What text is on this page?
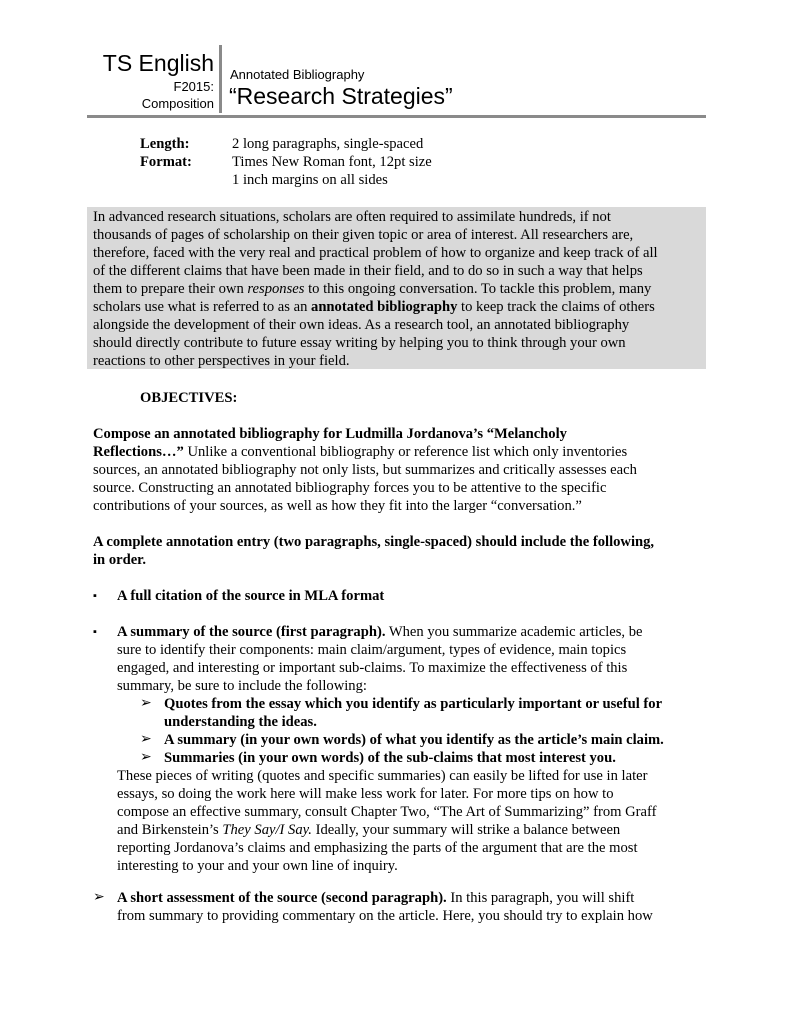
TS English
F2015:
Composition
Annotated Bibliography
“Research Strategies”
Length:	2 long paragraphs, single-spaced
Format:	Times New Roman font, 12pt size
1 inch margins on all sides
In advanced research situations, scholars are often required to assimilate hundreds, if not
thousands of pages of scholarship on their given topic or area of interest. All researchers are,
therefore, faced with the very real and practical problem of how to organize and keep track of all
of the different claims that have been made in their field, and to do so in such a way that helps
them to prepare their own responses to this ongoing conversation. To tackle this problem, many
scholars use what is referred to as an annotated bibliography to keep track the claims of others
alongside the development of their own ideas. As a research tool, an annotated bibliography
should directly contribute to future essay writing by helping you to think through your own
reactions to other perspectives in your field.
OBJECTIVES:
Compose an annotated bibliography for Ludmilla Jordanova’s “Melancholy
Reflections…” Unlike a conventional bibliography or reference list which only inventories
sources, an annotated bibliography not only lists, but summarizes and critically assesses each
source. Constructing an annotated bibliography forces you to be attentive to the specific
contributions of your sources, as well as how they fit into the larger “conversation.”
A complete annotation entry (two paragraphs, single-spaced) should include the following,
in order.
▪ A full citation of the source in MLA format
▪ A summary of the source (first paragraph). When you summarize academic articles, be
sure to identify their components: main claim/argument, types of evidence, main topics
engaged, and interesting or important sub-claims. To maximize the effectiveness of this
summary, be sure to include the following:
➢ Quotes from the essay which you identify as particularly important or useful for
understanding the ideas.
➢ A summary (in your own words) of what you identify as the article’s main claim.
➢ Summaries (in your own words) of the sub-claims that most interest you.
These pieces of writing (quotes and specific summaries) can easily be lifted for use in later
essays, so doing the work here will make less work for later. For more tips on how to
compose an effective summary, consult Chapter Two, “The Art of Summarizing” from Graff
and Birkenstein’s They Say/I Say. Ideally, your summary will strike a balance between
reporting Jordanova’s claims and emphasizing the parts of the argument that are the most
interesting to your and your own line of inquiry.
➢ A short assessment of the source (second paragraph). In this paragraph, you will shift
from summary to providing commentary on the article. Here, you should try to explain how
